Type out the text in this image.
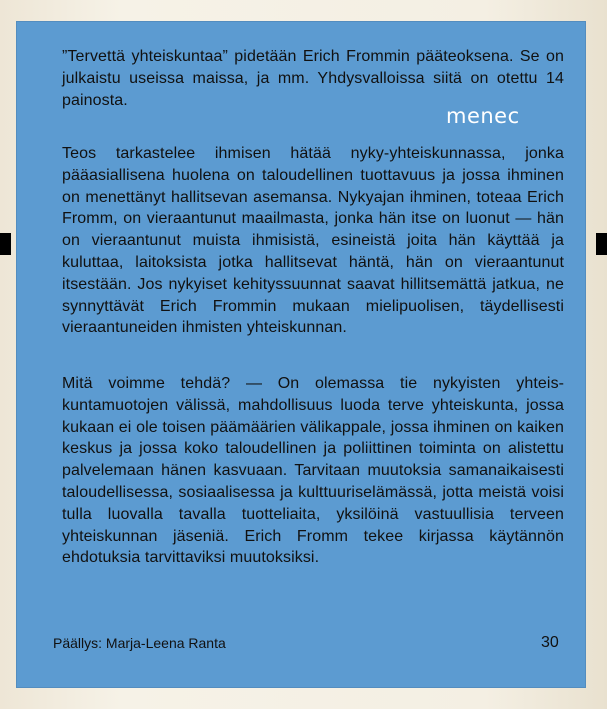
”Tervettä yhteiskuntaa” pidetään Erich Frommin pääteoksena. Se on julkaistu useissa maissa, ja mm. Yhdysvalloissa siitä on otettu 14 painosta.

menec

Teos tarkastelee ihmisen hätää nyky-yhteiskunnassa, jonka pääasiallisena huolena on taloudellinen tuottavuus ja jossa ihminen on menettänyt hallitsevan asemansa. Nykyajan ihminen, toteaa Erich Fromm, on vieraantunut maailmasta, jonka hän itse on luonut — hän on vieraantunut muista ihmisistä, esineistä joita hän käyttää ja kuluttaa, laitoksista jotka hallitsevat häntä, hän on vieraantunut itsestään. Jos nykyiset kehityssuunnat saavat hillitsemättä jatkua, ne synnyttävät Erich Frommin mukaan mielipuolisen, täydellisesti vieraantuneiden ihmisten yhteiskunnan.

Mitä voimme tehdä? — On olemassa tie nykyisten yhteiskuntamuotojen välissä, mahdollisuus luoda terve yhteiskunta, jossa kukaan ei ole toisen päämäärien välikappale, jossa ihminen on kaiken keskus ja jossa koko taloudellinen ja poliittinen toiminta on alistettu palvelemaan hänen kasvuaan. Tarvitaan muutoksia samanaikaisesti taloudellisessa, sosiaalisessa ja kulttuuriselämässä, jotta meistä voisi tulla luovalla tavalla tuotteliaita, yksilöinä vastuullisia terveen yhteiskunnan jäseniä. Erich Fromm tekee kirjassa käytännön ehdotuksia tarvittaviksi muutoksiksi.

Päällys: Marja-Leena Ranta	30
